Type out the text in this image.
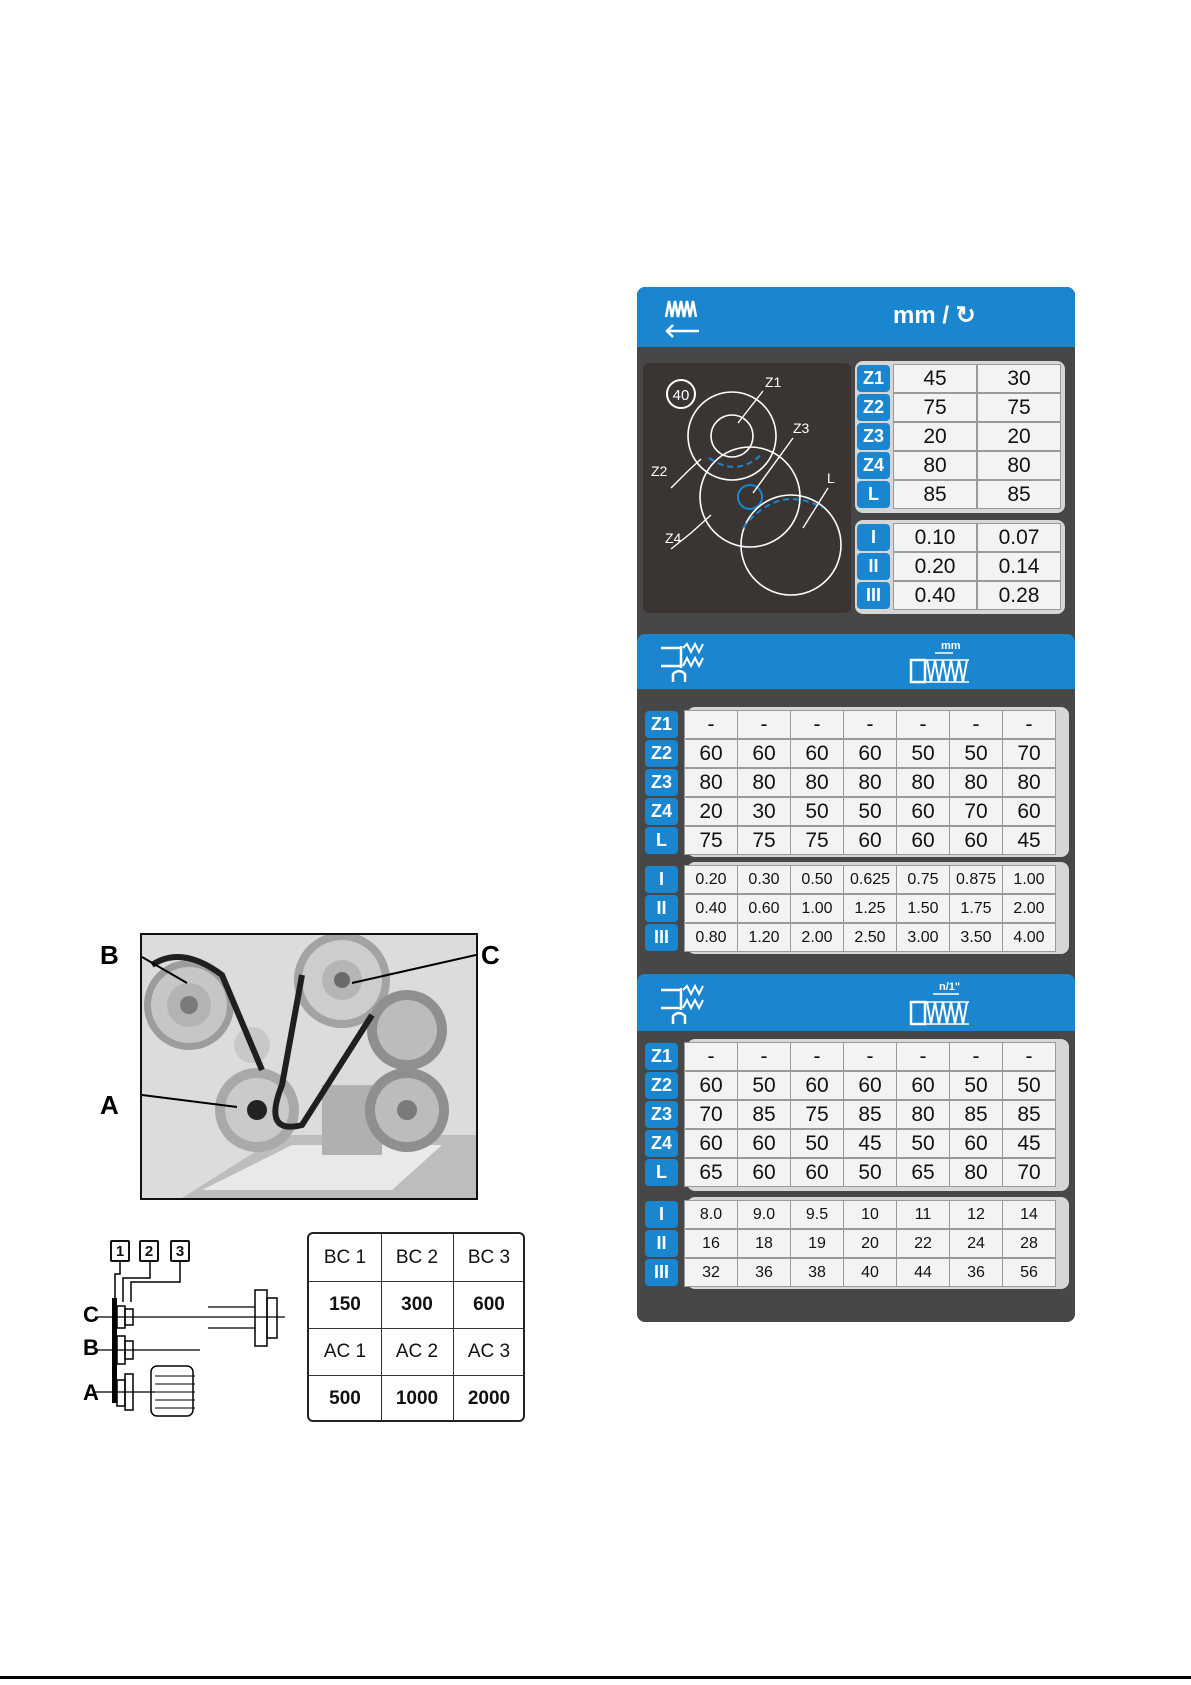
mm / ↻
40
Z1
Z3
Z2
Z4
L
Z1	45	30
Z2	75	75
Z3	20	20
Z4	80	80
L	85	85
I	0.10	0.07
II	0.20	0.14
III	0.40	0.28
mm
Z1	-	-	-	-	-	-	-
Z2	60	60	60	60	50	50	70
Z3	80	80	80	80	80	80	80
Z4	20	30	50	50	60	70	60
L	75	75	75	60	60	60	45
I	0.20	0.30	0.50	0.625	0.75	0.875	1.00
II	0.40	0.60	1.00	1.25	1.50	1.75	2.00
III	0.80	1.20	2.00	2.50	3.00	3.50	4.00
n/1"
Z1	-	-	-	-	-	-	-
Z2	60	50	60	60	60	50	50
Z3	70	85	75	85	80	85	85
Z4	60	60	50	45	50	60	45
L	65	60	60	50	65	80	70
I	8.0	9.0	9.5	10	11	12	14
II	16	18	19	20	22	24	28
III	32	36	38	40	44	36	56
B	C
A
1	2	3
C
B
A
BC 1	BC 2	BC 3
150	300	600
AC 1	AC 2	AC 3
500	1000	2000
